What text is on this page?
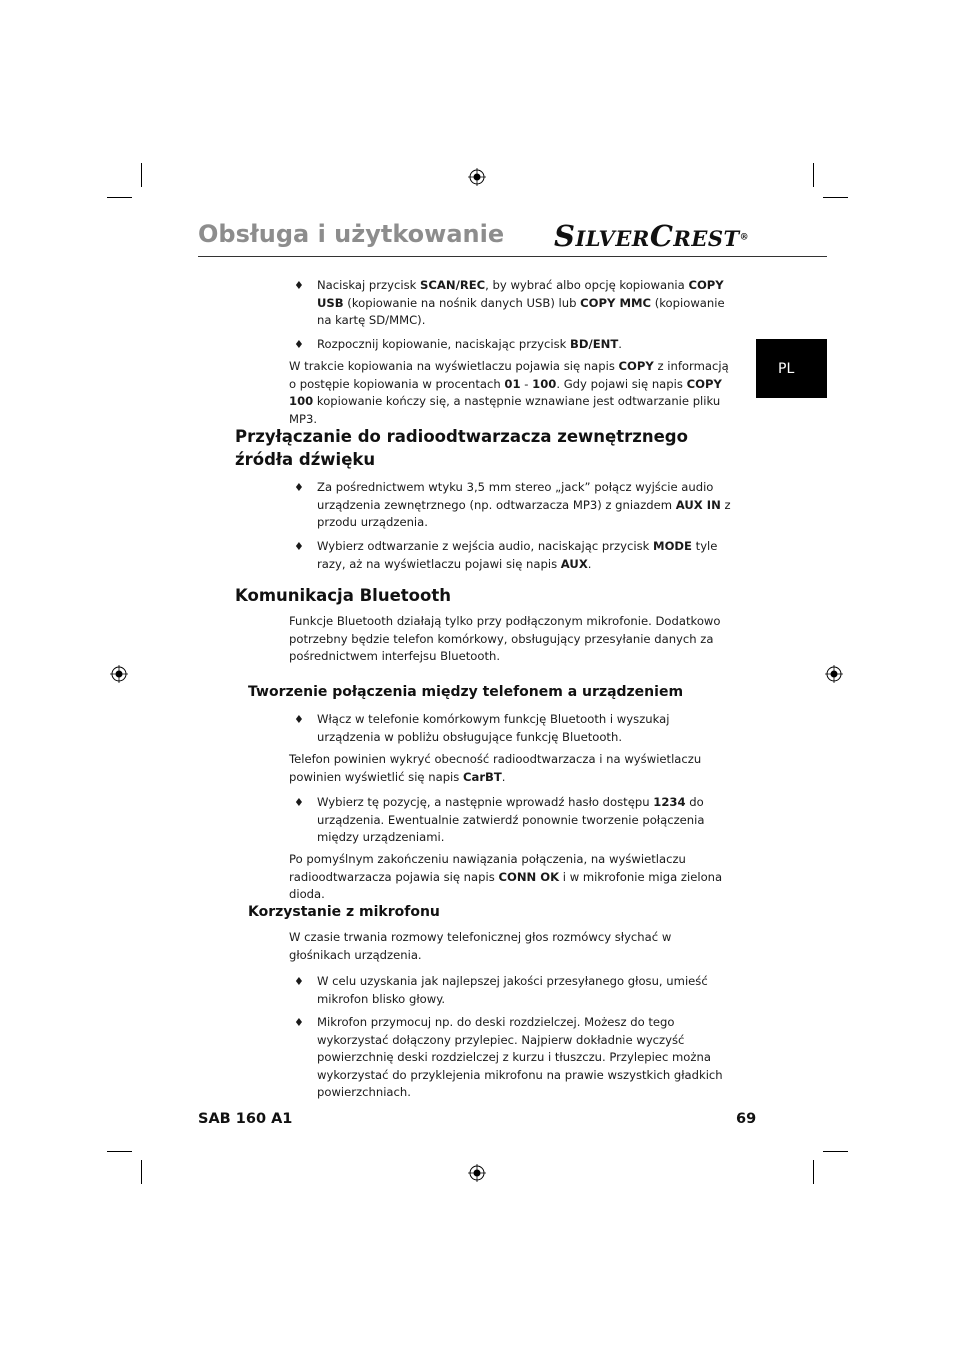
Obsługa i użytkowanie SILVERCREST®
PL
♦ Naciskaj przycisk SCAN/REC, by wybrać albo opcję kopiowania COPY USB (kopiowanie na nośnik danych USB) lub COPY MMC (kopiowanie na kartę SD/MMC).
♦ Rozpocznij kopiowanie, naciskając przycisk BD/ENT.

W trakcie kopiowania na wyświetlaczu pojawia się napis COPY z informacją o postępie kopiowania w procentach 01 - 100. Gdy pojawi się napis COPY 100 kopiowanie kończy się, a następnie wznawiane jest odtwarzanie pliku MP3.

Przyłączanie do radioodtwarzacza zewnętrznego
źródła dźwięku
♦ Za pośrednictwem wtyku 3,5 mm stereo „jack” połącz wyjście audio urządzenia zewnętrznego (np. odtwarzacza MP3) z gniazdem AUX IN z przodu urządzenia.
♦ Wybierz odtwarzanie z wejścia audio, naciskając przycisk MODE tyle razy, aż na wyświetlaczu pojawi się napis AUX.
Komunikacja Bluetooth

Funkcje Bluetooth działają tylko przy podłączonym mikrofonie. Dodatkowo potrzebny będzie telefon komórkowy, obsługujący przesyłanie danych za pośrednictwem interfejsu Bluetooth.

Tworzenie połączenia między telefonem a urządzeniem
♦ Włącz w telefonie komórkowym funkcję Bluetooth i wyszukaj urządzenia w pobliżu obsługujące funkcję Bluetooth.

Telefon powinien wykryć obecność radioodtwarzacza i na wyświetlaczu powinien wyświetlić się napis CarBT.

♦ Wybierz tę pozycję, a następnie wprowadź hasło dostępu 1234 do urządzenia. Ewentualnie zatwierdź ponownie tworzenie połączenia między urządzeniami.

Po pomyślnym zakończeniu nawiązania połączenia, na wyświetlaczu radioodtwarzacza pojawia się napis CONN OK i w mikrofonie miga zielona dioda.

Korzystanie z mikrofonu

W czasie trwania rozmowy telefonicznej głos rozmówcy słychać w głośnikach urządzenia.

♦ W celu uzyskania jak najlepszej jakości przesyłanego głosu, umieść mikrofon blisko głowy.
♦ Mikrofon przymocuj np. do deski rozdzielczej. Możesz do tego wykorzystać dołączony przylepiec. Najpierw dokładnie wyczyść powierzchnię deski rozdzielczej z kurzu i tłuszczu. Przylepiec można wykorzystać do przyklejenia mikrofonu na prawie wszystkich gładkich powierzchniach.
SAB 160 A1	69
